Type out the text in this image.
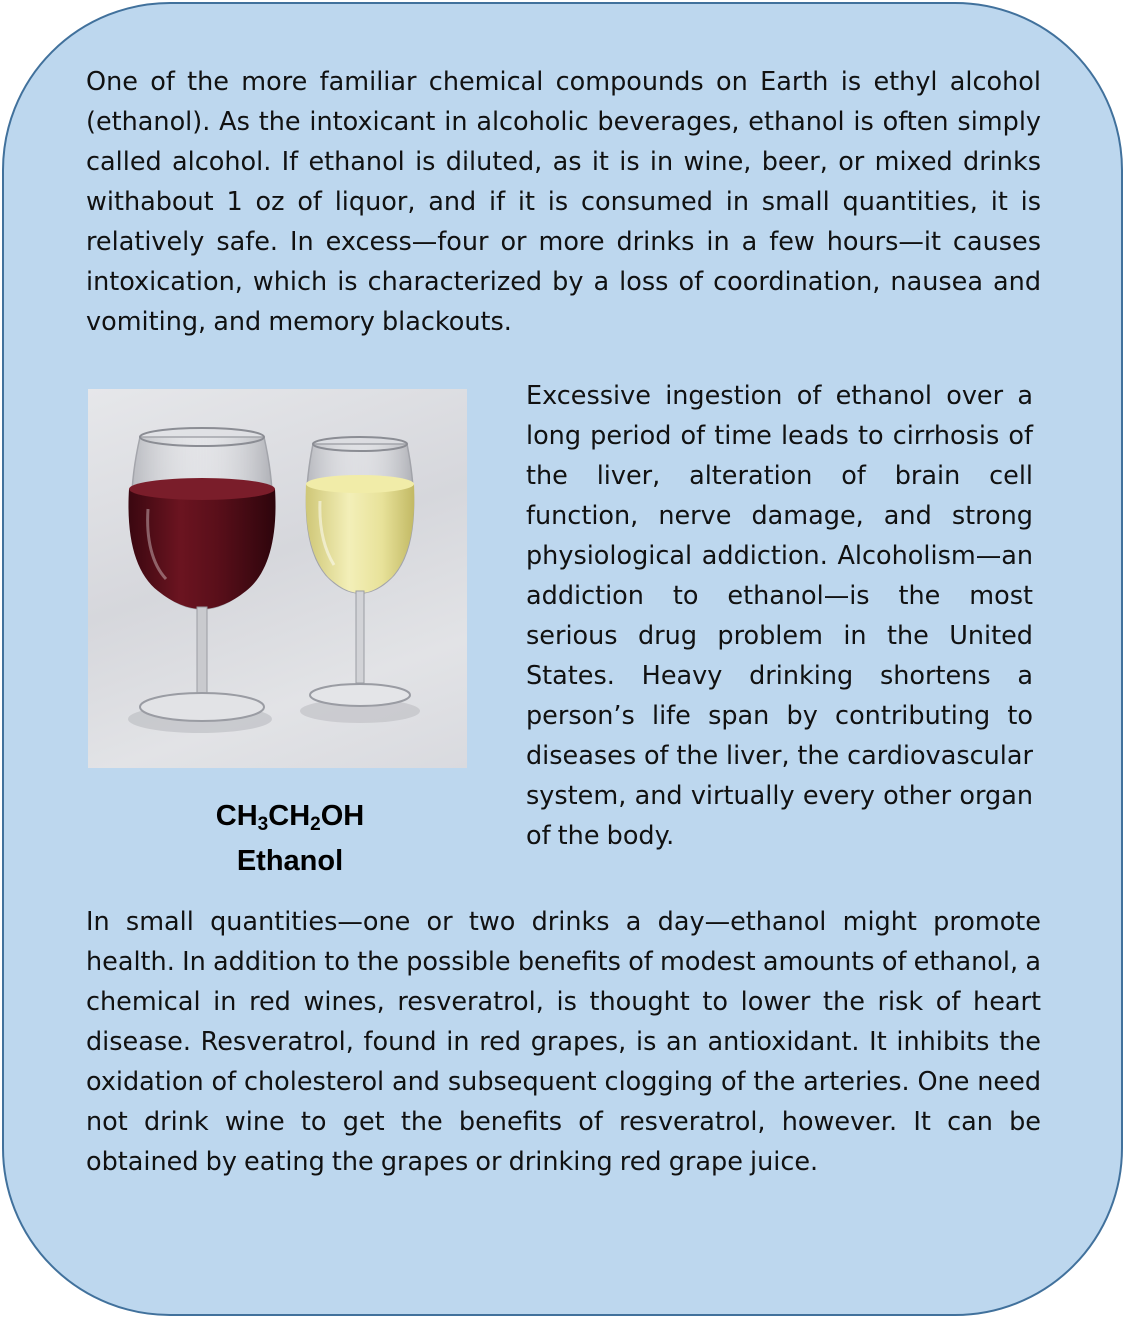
One of the more familiar chemical compounds on Earth is ethyl alcohol (ethanol). As the intoxicant in alcoholic beverages, ethanol is often simply called alcohol. If ethanol is diluted, as it is in wine, beer, or mixed drinks withabout 1 oz of liquor, and if it is consumed in small quantities, it is relatively safe. In excess—four or more drinks in a few hours—it causes intoxication, which is characterized by a loss of coordination, nausea and vomiting, and memory blackouts.

$CH_3CH_2OH$
Ethanol

Excessive ingestion of ethanol over a long period of time leads to cirrhosis of the liver, alteration of brain cell function, nerve damage, and strong physiological addiction. Alcoholism—an addiction to ethanol—is the most serious drug problem in the United States. Heavy drinking shortens a person’s life span by contributing to diseases of the liver, the cardiovascular system, and virtually every other organ of the body.

In small quantities—one or two drinks a day—ethanol might promote health. In addition to the possible benefits of modest amounts of ethanol, a chemical in red wines, resveratrol, is thought to lower the risk of heart disease. Resveratrol, found in red grapes, is an antioxidant. It inhibits the oxidation of cholesterol and subsequent clogging of the arteries. One need not drink wine to get the benefits of resveratrol, however. It can be obtained by eating the grapes or drinking red grape juice.
